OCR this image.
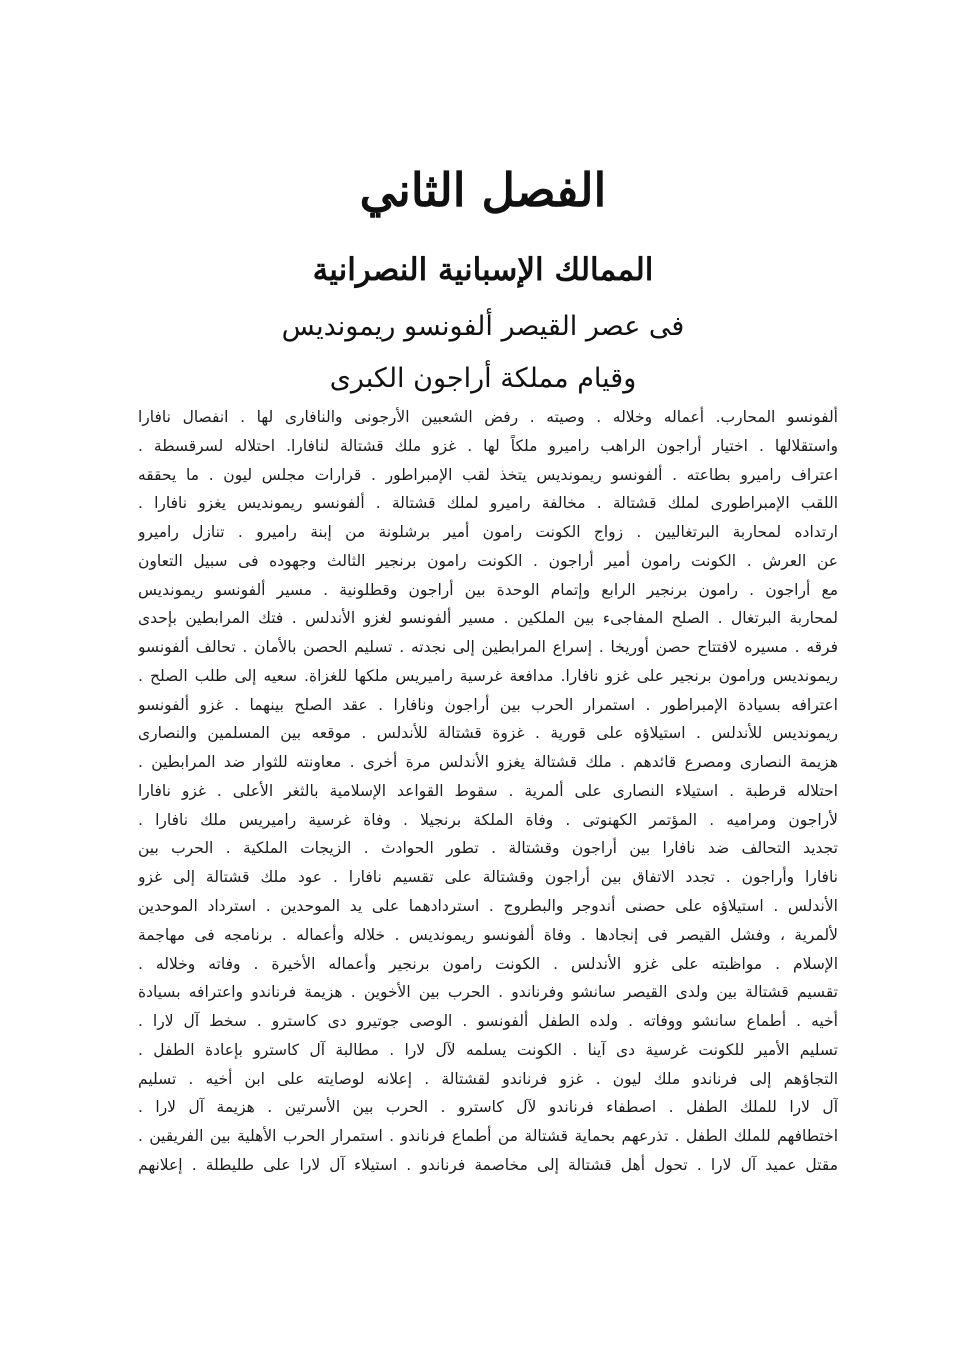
الفصل الثاني
الممالك الإسبانية النصرانية
فى عصر القيصر ألفونسو ريموندیس
وقيام مملكة أراجون الكبرى
ألفونسو المحارب. أعماله وخلاله . وصيته . رفض الشعبين الأرجونى والنافارى لها . انفصال نافارا
واستقلالها . اختيار أراجون الراهب راميرو ملكاً لها . غزو ملك قشتالة لنافارا. احتلاله لسرقسطة .
اعتراف راميرو بطاعته . ألفونسو ريموندیس يتخذ لقب الإمبراطور . قرارات مجلس ليون . ما يحققه
اللقب الإمبراطورى لملك قشتالة . مخالفة راميرو لملك قشتالة . ألفونسو ريموندیس يغزو نافارا .
ارتداده لمحاربة البرتغاليين . زواج الكونت رامون أمير برشلونة من إبنة راميرو . تنازل راميرو
عن العرش . الكونت رامون أمير أراجون . الكونت رامون برنجير الثالث وجهوده فى سبيل التعاون
مع أراجون . رامون برنجير الرابع وإتمام الوحدة بين أراجون وقطلونية . مسير ألفونسو ريموندیس
لمحاربة البرتغال . الصلح المفاجىء بين الملكين . مسير ألفونسو لغزو الأندلس . فتك المرابطين بإحدى
فرقه . مسيره لافتتاح حصن أوريخا . إسراع المرابطين إلى نجدته . تسليم الحصن بالأمان . تحالف ألفونسو
ريموندیس ورامون برنجير على غزو نافارا. مدافعة غرسية راميريس ملكها للغزاة. سعيه إلى طلب الصلح .
اعترافه بسيادة الإمبراطور . استمرار الحرب بين أراجون ونافارا . عقد الصلح بينهما . غزو ألفونسو
ريموندیس للأندلس . استيلاؤه على قورية . غزوة قشتالة للأندلس . موقعه بين المسلمين والنصارى
هزيمة النصارى ومصرع قائدهم . ملك قشتالة يغزو الأندلس مرة أخرى . معاونته للثوار ضد المرابطين .
احتلاله قرطبة . استيلاء النصارى على ألمرية . سقوط القواعد الإسلامية بالثغر الأعلى . غزو نافارا
لأراجون ومراميه . المؤتمر الكهنوتى . وفاة الملكة برنجيلا . وفاة غرسية راميريس ملك نافارا .
تجديد التحالف ضد نافارا بين أراجون وقشتالة . تطور الحوادث . الزيجات الملكية . الحرب بين
نافارا وأراجون . تجدد الاتفاق بين أراجون وقشتالة على تقسيم نافارا . عود ملك قشتالة إلى غزو
الأندلس . استيلاؤه على حصنى أندوجر والبطروج . استردادهما على يد الموحدين . استرداد الموحدين
لألمرية ، وفشل القيصر فى إنجادها . وفاة ألفونسو ريموندیس . خلاله وأعماله . برنامجه فى مهاجمة
الإسلام . مواظبته على غزو الأندلس . الكونت رامون برنجير وأعماله الأخيرة . وفاته وخلاله .
تقسيم قشتالة بين ولدى القيصر سانشو وفرناندو . الحرب بين الأخوين . هزيمة فرناندو واعترافه بسيادة
أخيه . أطماع سانشو ووفاته . ولده الطفل ألفونسو . الوصى جوتيرو دى كاسترو . سخط آل لارا .
تسليم الأمير للكونت غرسية دى آينا . الكونت يسلمه لآل لارا . مطالبة آل كاسترو بإعادة الطفل .
التجاؤهم إلى فرناندو ملك ليون . غزو فرناندو لقشتالة . إعلانه لوصايته على ابن أخيه . تسليم
آل لارا للملك الطفل . اصطفاء فرناندو لآل كاسترو . الحرب بين الأسرتين . هزيمة آل لارا .
اختطافهم للملك الطفل . تذرعهم بحماية قشتالة من أطماع فرناندو . استمرار الحرب الأهلية بين الفريقين .
مقتل عميد آل لارا . تحول أهل قشتالة إلى مخاصمة فرناندو . استيلاء آل لارا على طليطلة . إعلانهم
